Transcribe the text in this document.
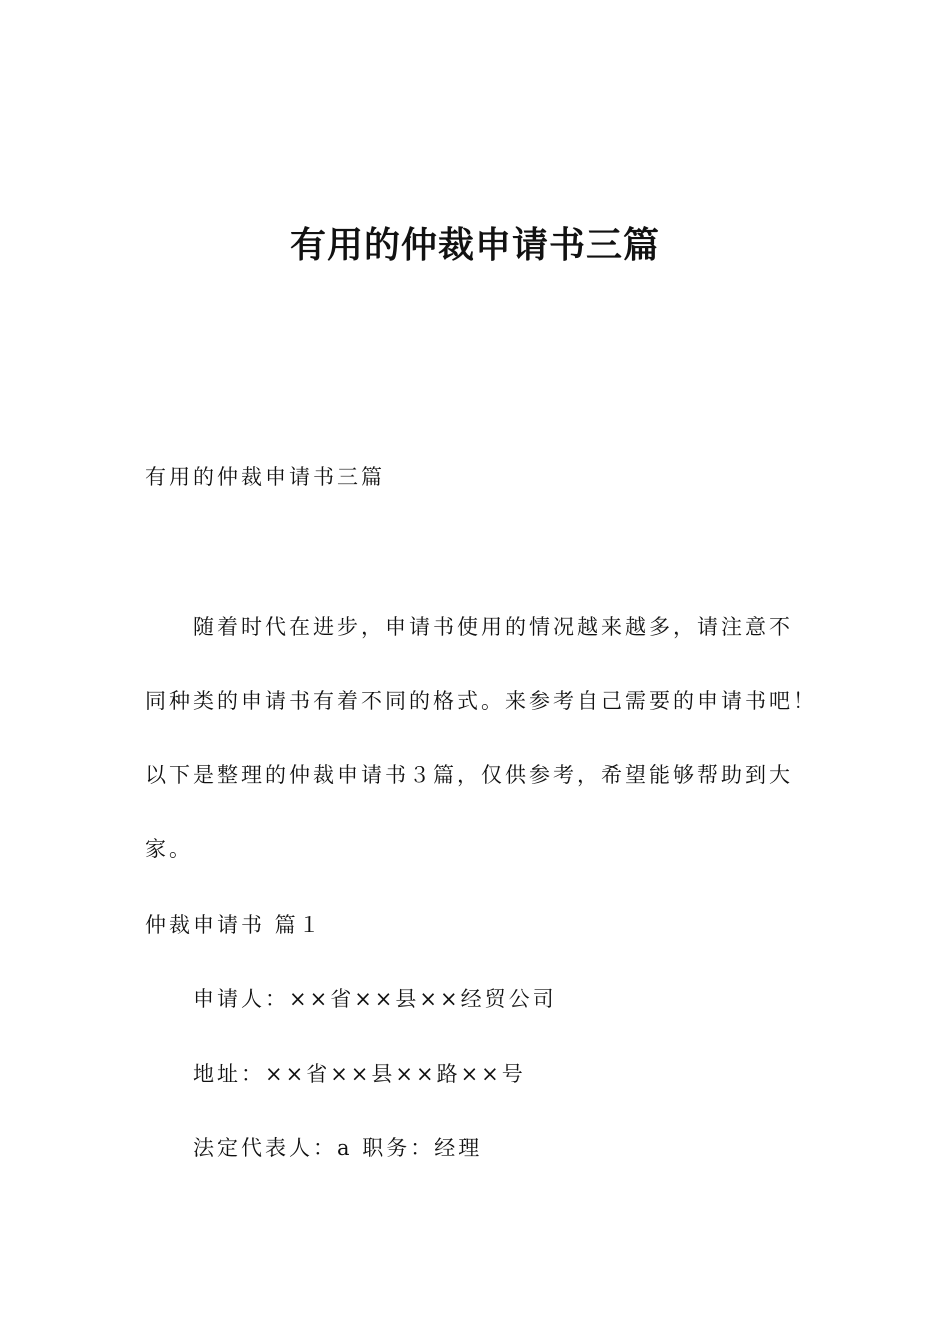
有用的仲裁申请书三篇
有用的仲裁申请书三篇
随着时代在进步，申请书使用的情况越来越多，请注意不
同种类的申请书有着不同的格式。来参考自己需要的申请书吧！
以下是整理的仲裁申请书３篇，仅供参考，希望能够帮助到大
家。
仲裁申请书 篇１
申请人：××省××县××经贸公司
地址：××省××县××路××号
法定代表人：a 职务：经理
